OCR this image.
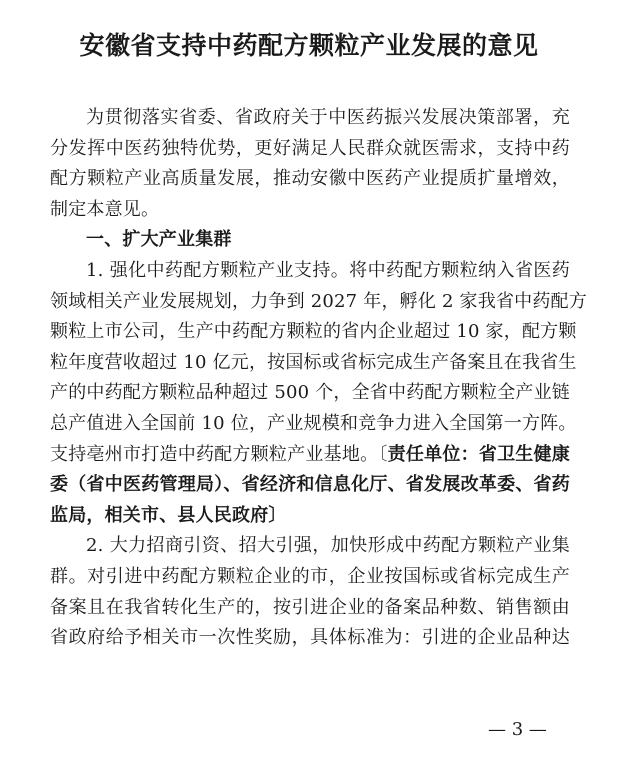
安徽省支持中药配方颗粒产业发展的意见
为贯彻落实省委、省政府关于中医药振兴发展决策部署，充
分发挥中医药独特优势，更好满足人民群众就医需求，支持中药
配方颗粒产业高质量发展，推动安徽中医药产业提质扩量增效，
制定本意见。
一、扩大产业集群
1. 强化中药配方颗粒产业支持。将中药配方颗粒纳入省医药
领域相关产业发展规划，力争到 2027 年，孵化 2 家我省中药配方
颗粒上市公司，生产中药配方颗粒的省内企业超过 10 家，配方颗
粒年度营收超过 10 亿元，按国标或省标完成生产备案且在我省生
产的中药配方颗粒品种超过 500 个，全省中药配方颗粒全产业链
总产值进入全国前 10 位，产业规模和竞争力进入全国第一方阵。
支持亳州市打造中药配方颗粒产业基地。〔责任单位：省卫生健康
委（省中医药管理局）、省经济和信息化厅、省发展改革委、省药
监局，相关市、县人民政府〕
2. 大力招商引资、招大引强，加快形成中药配方颗粒产业集
群。对引进中药配方颗粒企业的市，企业按国标或省标完成生产
备案且在我省转化生产的，按引进企业的备案品种数、销售额由
省政府给予相关市一次性奖励，具体标准为：引进的企业品种达
— 3 —
